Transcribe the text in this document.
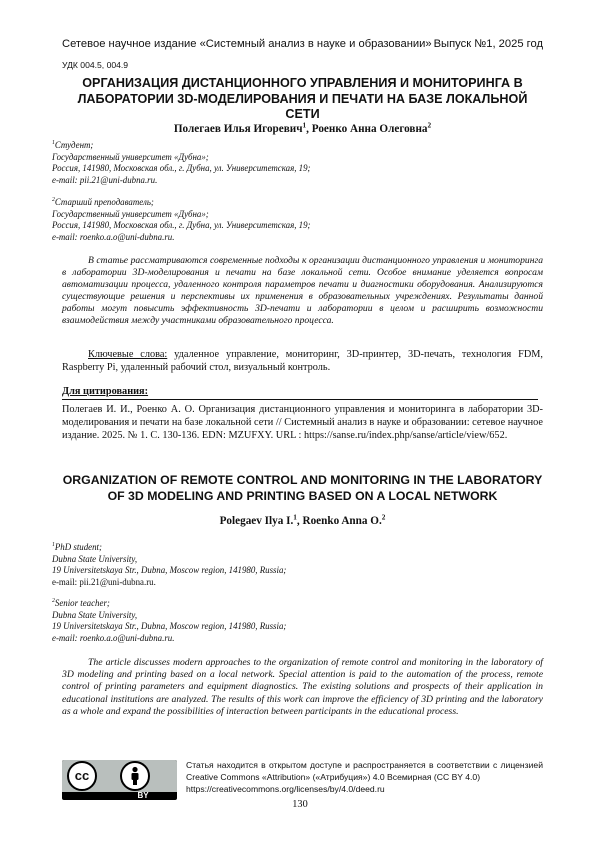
Сетевое научное издание «Системный анализ в науке и образовании» Выпуск №1, 2025 год
УДК 004.5, 004.9
ОРГАНИЗАЦИЯ ДИСТАНЦИОННОГО УПРАВЛЕНИЯ И МОНИТОРИНГА В
ЛАБОРАТОРИИ 3D-МОДЕЛИРОВАНИЯ И ПЕЧАТИ НА БАЗЕ ЛОКАЛЬНОЙ СЕТИ
Полегаев Илья Игоревич1, Роенко Анна Олеговна2

1Студент;

Государственный университет «Дубна»;

Россия, 141980, Московская обл., г. Дубна, ул. Университетская, 19;

e-mail: pii.21@uni-dubna.ru.

2Старший преподаватель;

Государственный университет «Дубна»;

Россия, 141980, Московская обл., г. Дубна, ул. Университетская, 19;

e-mail: roenko.a.o@uni-dubna.ru.

В статье рассматриваются современные подходы к организации дистанционного управления и мониторинга в лаборатории 3D-моделирования и печати на базе локальной сети. Особое внимание уделяется вопросам автоматизации процесса, удаленного контроля параметров печати и диагностики оборудования. Анализируются существующие решения и перспективы их применения в образовательных учреждениях. Результаты данной работы могут повысить эффективность 3D-печати и лаборатории в целом и расширить возможности взаимодействия между участниками образовательного процесса.
Ключевые слова: удаленное управление, мониторинг, 3D-принтер, 3D-печать, технология FDM, Raspberry Pi, удаленный рабочий стол, визуальный контроль.
Для цитирования:
Полегаев И. И., Роенко А. О. Организация дистанционного управления и мониторинга в лаборатории 3D-моделирования и печати на базе локальной сети // Системный анализ в науке и образовании: сетевое научное издание. 2025. № 1. С. 130-136. EDN: MZUFXY. URL : https://sanse.ru/index.php/sanse/article/view/652.
ORGANIZATION OF REMOTE CONTROL AND MONITORING IN THE LABORATORY
OF 3D MODELING AND PRINTING BASED ON A LOCAL NETWORK
Polegaev Ilya I.1, Roenko Anna O.2

1PhD student;

Dubna State University,

19 Universitetskaya Str., Dubna, Moscow region, 141980, Russia;

e-mail: pii.21@uni-dubna.ru.

2Senior teacher;

Dubna State University,

19 Universitetskaya Str., Dubna, Moscow region, 141980, Russia;

e-mail: roenko.a.o@uni-dubna.ru.

The article discusses modern approaches to the organization of remote control and monitoring in the laboratory of 3D modeling and printing based on a local network. Special attention is paid to the automation of the process, remote control of printing parameters and equipment diagnostics. The existing solutions and prospects of their application in educational institutions are analyzed. The results of this work can improve the efficiency of 3D printing and the laboratory as a whole and expand the possibilities of interaction between participants in the educational process.
cc
BY
Статья находится в открытом доступе и распространяется в соответствии с лицензией Creative Commons «Attribution» («Атрибуция») 4.0 Всемирная (CC BY 4.0)
https://creativecommons.org/licenses/by/4.0/deed.ru
130
